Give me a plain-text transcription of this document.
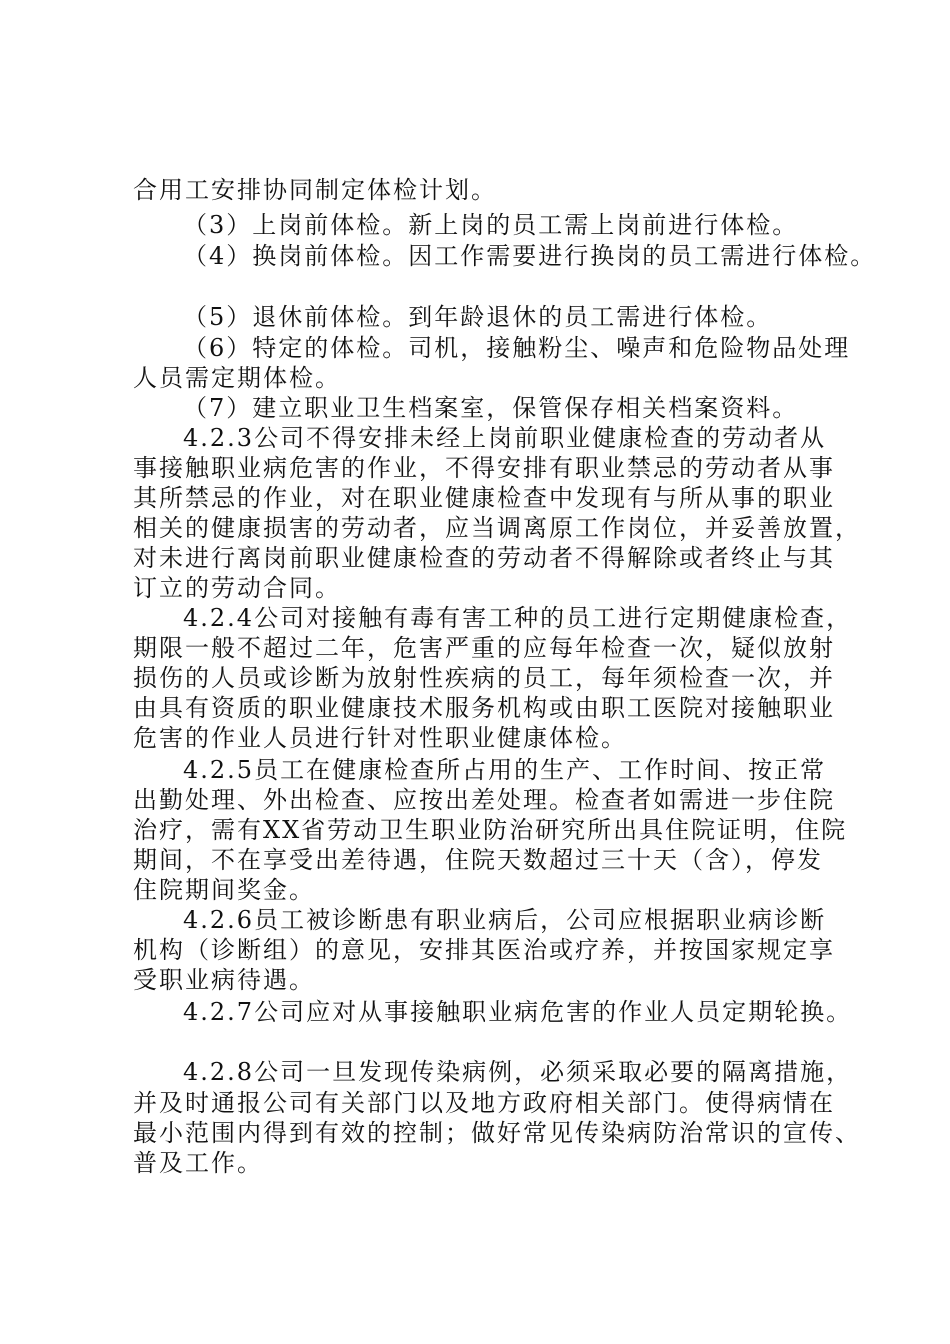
合用工安排协同制定体检计划。
（3）上岗前体检。新上岗的员工需上岗前进行体检。
（4）换岗前体检。因工作需要进行换岗的员工需进行体检。
（5）退休前体检。到年龄退休的员工需进行体检。
（6）特定的体检。司机，接触粉尘、噪声和危险物品处理
人员需定期体检。
（7）建立职业卫生档案室，保管保存相关档案资料。
4.2.3公司不得安排未经上岗前职业健康检查的劳动者从
事接触职业病危害的作业，不得安排有职业禁忌的劳动者从事
其所禁忌的作业，对在职业健康检查中发现有与所从事的职业
相关的健康损害的劳动者，应当调离原工作岗位，并妥善放置，
对未进行离岗前职业健康检查的劳动者不得解除或者终止与其
订立的劳动合同。
4.2.4公司对接触有毒有害工种的员工进行定期健康检查，
期限一般不超过二年，危害严重的应每年检查一次，疑似放射
损伤的人员或诊断为放射性疾病的员工，每年须检查一次，并
由具有资质的职业健康技术服务机构或由职工医院对接触职业
危害的作业人员进行针对性职业健康体检。
4.2.5员工在健康检查所占用的生产、工作时间、按正常
出勤处理、外出检查、应按出差处理。检查者如需进一步住院
治疗，需有XX省劳动卫生职业防治研究所出具住院证明，住院
期间，不在享受出差待遇，住院天数超过三十天（含），停发
住院期间奖金。
4.2.6员工被诊断患有职业病后，公司应根据职业病诊断
机构（诊断组）的意见，安排其医治或疗养，并按国家规定享
受职业病待遇。
4.2.7公司应对从事接触职业病危害的作业人员定期轮换。
4.2.8公司一旦发现传染病例，必须采取必要的隔离措施，
并及时通报公司有关部门以及地方政府相关部门。使得病情在
最小范围内得到有效的控制；做好常见传染病防治常识的宣传、
普及工作。
